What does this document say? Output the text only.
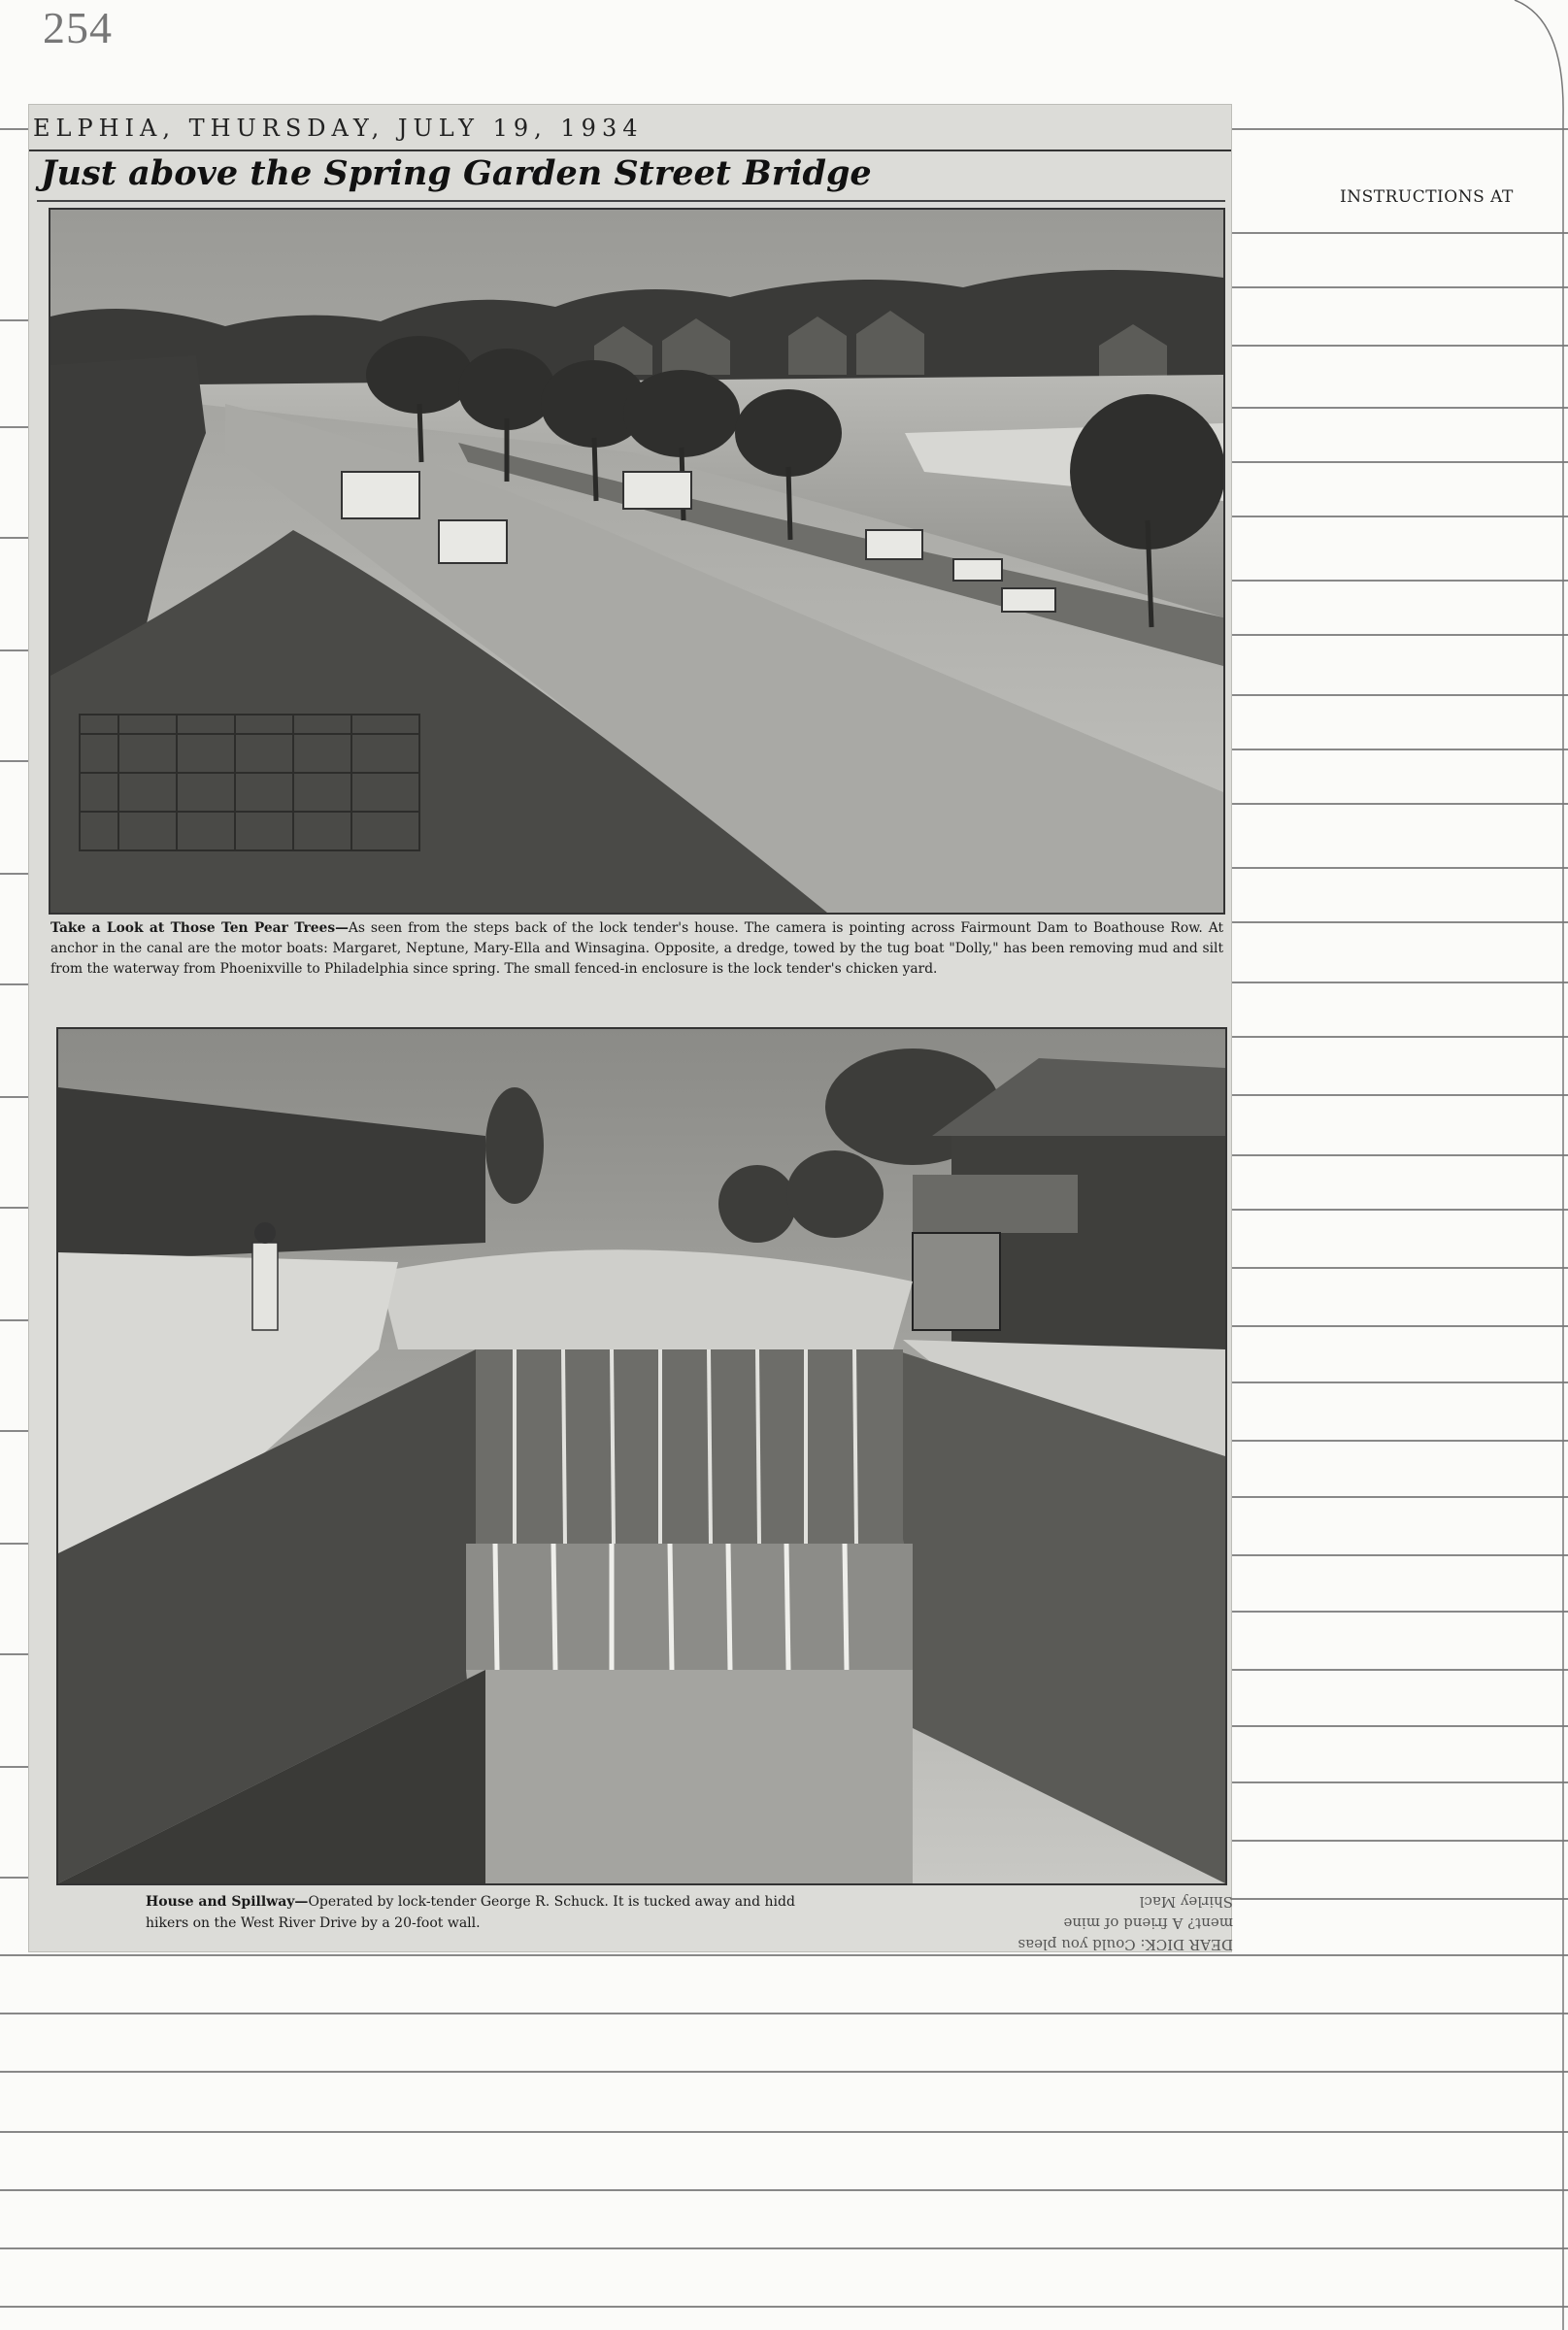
254
INSTRUCTIONS AT
ELPHIA, THURSDAY, JULY 19, 1934
Just above the Spring Garden Street Bridge
Take a Look at Those Ten Pear Trees—As seen from the steps back of the lock tender's house. The camera is pointing across Fairmount Dam to Boathouse Row. At anchor in the canal are the motor boats: Margaret, Neptune, Mary-Ella and Winsagina. Opposite, a dredge, towed by the tug boat "Dolly," has been removing mud and silt from the waterway from Phoenixville to Philadelphia since spring. The small fenced-in enclosure is the lock tender's chicken yard.
House and Spillway—Operated by lock-tender George R. Schuck. It is tucked away and hidd
hikers on the West River Drive by a 20-foot wall.
DEAR DICK: Could you pleas
ment? A friend of mine
Shirley Macl
